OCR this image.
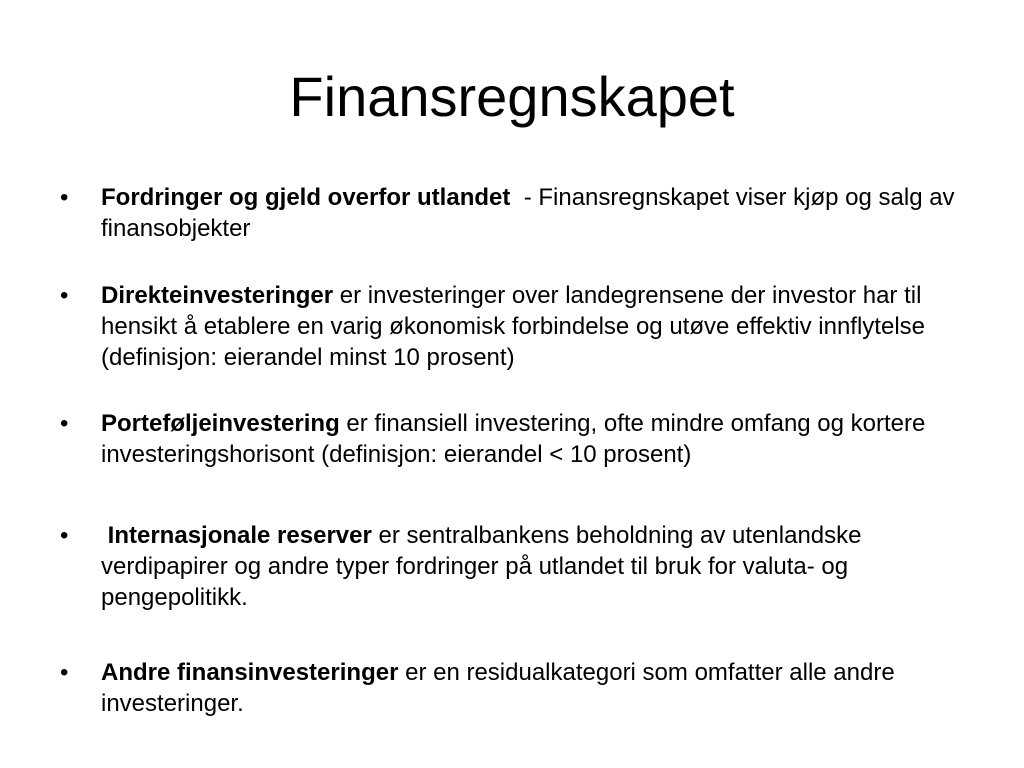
Finansregnskapet
•	Fordringer og gjeld overfor utlandet  - Finansregnskapet viser kjøp og salg av finansobjekter
•	Direkteinvesteringer er investeringer over landegrensene der investor har til hensikt å etablere en varig økonomisk forbindelse og utøve effektiv innflytelse (definisjon: eierandel minst 10 prosent)
•	Porteføljeinvestering er finansiell investering, ofte mindre omfang og kortere investeringshorisont (definisjon: eierandel < 10 prosent)
•	Internasjonale reserver er sentralbankens beholdning av utenlandske verdipapirer og andre typer fordringer på utlandet til bruk for valuta- og pengepolitikk.
•	Andre finansinvesteringer er en residualkategori som omfatter alle andre investeringer.
